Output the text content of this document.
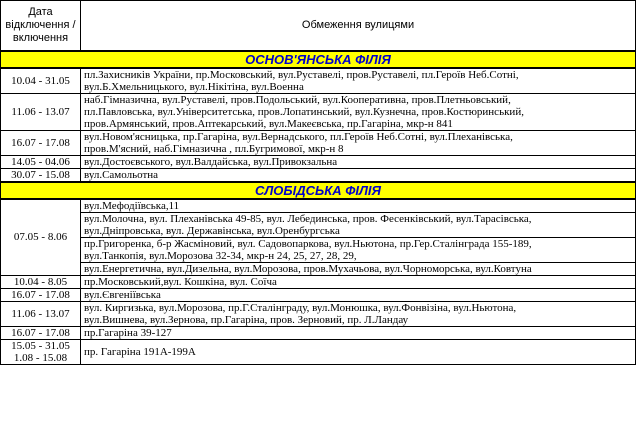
Дата відключення / включення	Обмеження вулицями
ОСНОВ'ЯНСЬКА ФІЛІЯ	
10.04 - 31.05	пл.Захисників України, пр.Московський, вул.Руставелі, пров.Руставелі, пл.Героїв Неб.Сотні,
вул.Б.Хмельницького, вул.Нікітіна, вул.Военна

11.06 - 13.07	наб.Гімназична, вул.Руставелі, пров.Подольський, вул.Кооперативна, пров.Плетньовський,
пл.Павловська, вул.Університетська, пров.Лопатинський, вул.Кузнечна, пров.Костюринський,
пров.Армянський, пров.Аптекарський, вул.Макеєвська, пр.Гагаріна, мкр-н 841

16.07 - 17.08	вул.Новом'ясницька, пр.Гагаріна, вул.Вернадського, пл.Героїв Неб.Сотні, вул.Плеханівська,
пров.М'ясний, наб.Гімназична , пл.Бугримової, мкр-н 8

14.05 - 04.06	вул.Достоєвського, вул.Валдайська, вул.Привокзальна

30.07 - 15.08	вул.Самольотна

СЛОБІДСЬКА ФІЛІЯ	
07.05 - 8.06	вул.Мефодіївська,11

	вул.Молочна, вул. Плеханівська 49-85, вул. Лебединська, пров. Фесенківський, вул.Тарасівська,
вул.Дніпровська, вул. Державінська, вул.Оренбургська

	пр.Григоренка, б-р Жасміновий, вул. Садовопаркова, вул.Ньютона, пр.Гер.Сталінграда 155-189,
вул.Танкопія, вул.Морозова 32-34, мкр-н 24, 25, 27, 28, 29,

	вул.Енергетична, вул.Дизельна, вул.Морозова, пров.Мухачьова, вул.Чорноморська, вул.Ковтуна

10.04 - 8.05	пр.Московський,вул. Кошкіна, вул. Соїча

16.07 - 17.08	вул.Євгеніївська

11.06 - 13.07	вул. Киргизька, вул.Морозова, пр.Г.Сталінграду, вул.Монюшка, вул.Фонвізіна, вул.Ньютона,
вул.Вишнева, вул.Зернова, пр.Гагаріна, пров. Зерновий, пр. Л.Ландау

16.07 - 17.08	пр.Гагаріна 39-127

15.05 - 31.05 1.08 - 15.08	пр. Гагаріна 191А-199А
